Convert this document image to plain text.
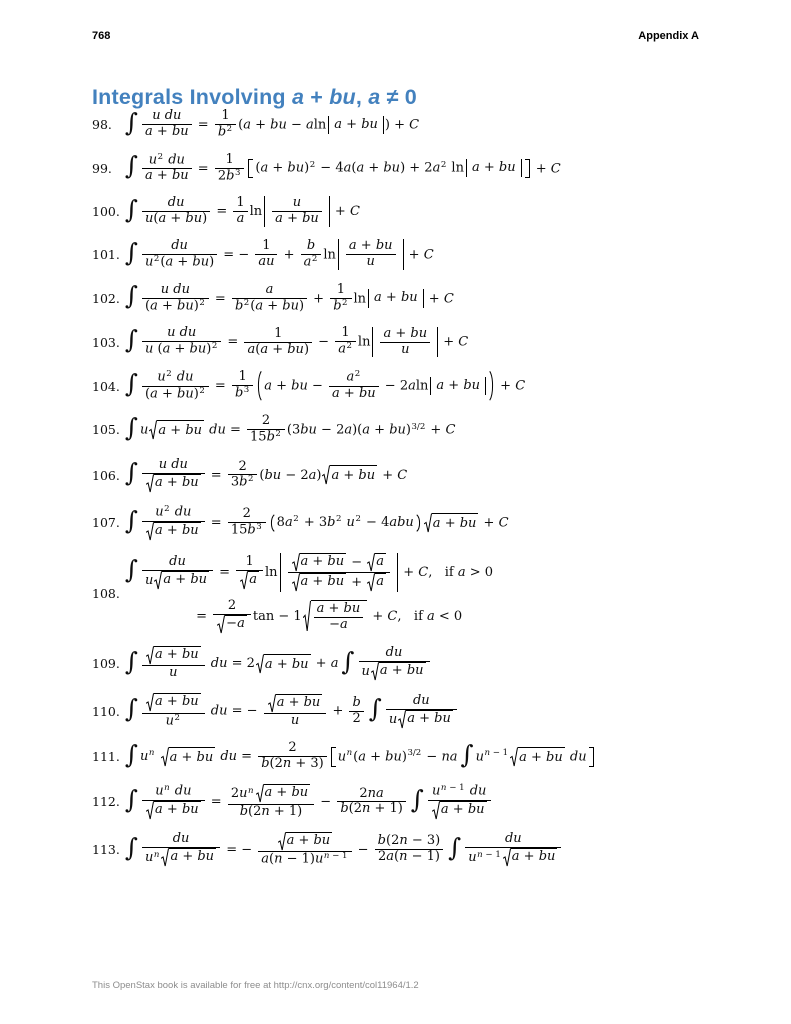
768	Appendix A
Integrals Involving a + bu, a ≠ 0
98. ∫ $\frac{\text{u du}}{a + bu} = \frac{1}{b2} (a$ + bu − aln a + bu ) + C
99. ∫ $\frac{u2 du}{a + bu} = \frac{1}{2b3} (a + bu)2 - 4a(a + bu) + 2a2$ ln a + bu + C
100. ∫ $\frac{du}{u(a + bu)} = \frac{1}{a}$ $\ln \frac{u}{a + bu} + C$
101. ∫ $\frac{du}{u2(a + bu)}$ = − $\frac{1}{au} + \frac{b}{a2}$ $\ln \frac{a + bu}{u} + C$
102. ∫ $\frac{\text{u du}}{(a + bu)2} = \frac{a}{b2(a + bu)} + \frac{1}{b2}$ ln a + bu + C
103. ∫ $\frac{\text{u du}}{u (a + bu)2} = \frac{1}{a(a + bu)} - \frac{1}{a2}$ $\ln \frac{a + bu}{u} + C$
104. ∫ $\frac{u2 du}{(a + bu)2} = \frac{1}{b3}$ a + bu − $\frac{a2}{a + bu} - 2aln$ a + bu + C
105. ∫ u a + bu du = $\frac{2}{15b2} (3bu - 2a)(a + bu)3/2 + C$
106. ∫ $\frac{\text{u du}}{a + bu} = \frac{2}{3b2} (bu - 2a) a$ + bu + C
107. ∫ $\frac{u2 du}{a + bu} = \frac{2}{15b3} 8a2 + 3b2$ u2 − 4abu a + bu + C
108.
∫ $\frac{du}{\text{u a + bu}} = \frac{1}{a}$ $\ln \frac{a + bu - a}{a + bu + a} + C$,   if a > 0
= $\frac{2}{-a}$ $\tan - 1 \frac{a + bu}{-a} + C$,   if a < 0
109. ∫ $\frac{a + bu}{u}$ du = 2 a + bu + a ∫ $\frac{du}{\text{u a + bu}}$
110. ∫ $\frac{a + bu}{u2}$ du = − $\frac{a + bu}{u} + \frac{b}{2}$ ∫ $\frac{du}{\text{u a + bu}}$
111. ∫ un a + bu du = $\frac{2}{b(2n + 3)} un(a + bu)3/2$ − na ∫ un − 1 a + bu du
112. ∫ $\frac{\text{un du}}{a + bu} = \frac{\text{2un a + bu}}{b(2n + 1)} - \frac{2na}{b(2n + 1)}$ ∫ $\frac{un - 1 du}{a + bu}$
113. ∫ $\frac{du}{\text{un a + bu}}$ = − $\frac{a + bu}{a(n - 1)un - 1} - \frac{b(2n - 3)}{2a(n - 1)}$ ∫ $\frac{du}{un - 1 a + bu}$
This OpenStax book is available for free at http://cnx.org/content/col11964/1.2
